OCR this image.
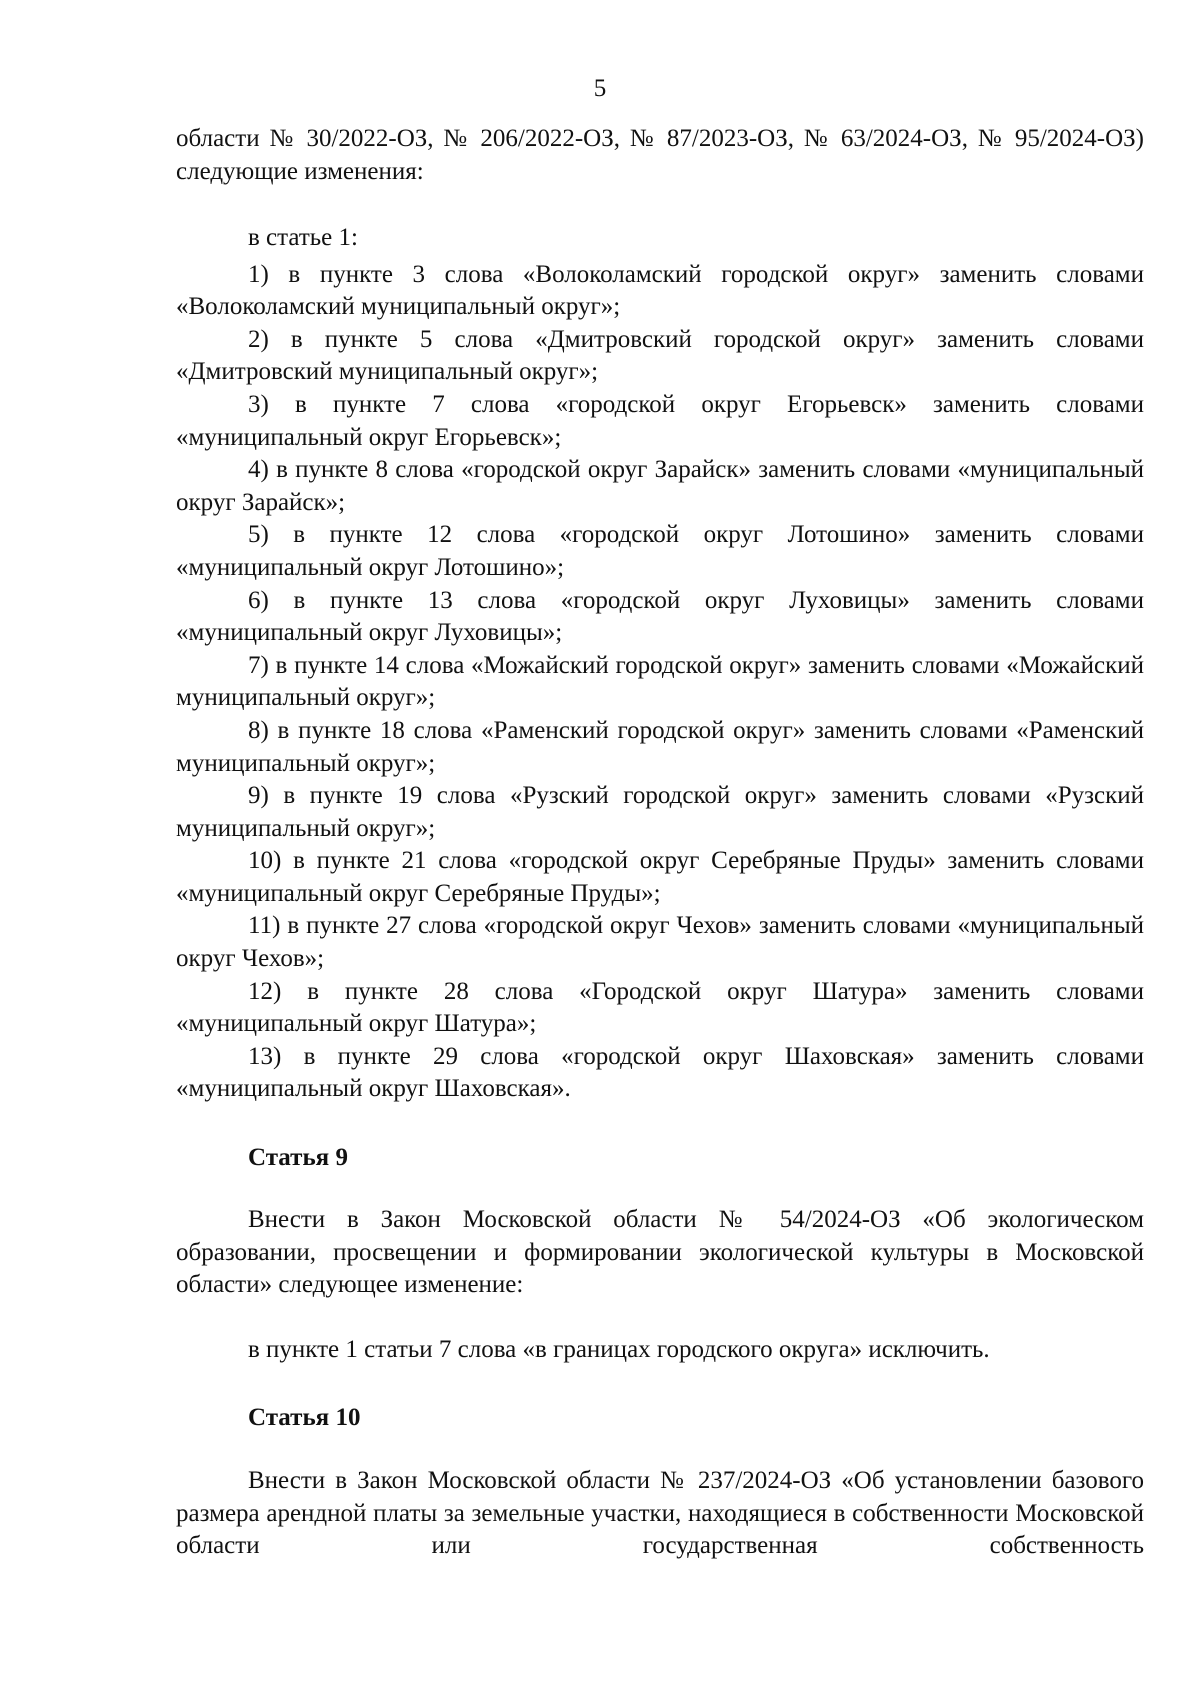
5

области № 30/2022-ОЗ, № 206/2022-ОЗ, № 87/2023-ОЗ, № 63/2024-ОЗ, № 95/2024-ОЗ) следующие изменения:

в статье 1:

1) в пункте 3 слова «Волоколамский городской округ» заменить словами «Волоколамский муниципальный округ»;

2) в пункте 5 слова «Дмитровский городской округ» заменить словами «Дмитровский муниципальный округ»;

3) в пункте 7 слова «городской округ Егорьевск» заменить словами «муниципальный округ Егорьевск»;

4) в пункте 8 слова «городской округ Зарайск» заменить словами «муниципальный округ Зарайск»;

5) в пункте 12 слова «городской округ Лотошино» заменить словами «муниципальный округ Лотошино»;

6) в пункте 13 слова «городской округ Луховицы» заменить словами «муниципальный округ Луховицы»;

7) в пункте 14 слова «Можайский городской округ» заменить словами «Можайский муниципальный округ»;

8) в пункте 18 слова «Раменский городской округ» заменить словами «Раменский муниципальный округ»;

9) в пункте 19 слова «Рузский городской округ» заменить словами «Рузский муниципальный округ»;

10) в пункте 21 слова «городской округ Серебряные Пруды» заменить словами «муниципальный округ Серебряные Пруды»;

11) в пункте 27 слова «городской округ Чехов» заменить словами «муниципальный округ Чехов»;

12) в пункте 28 слова «Городской округ Шатура» заменить словами «муниципальный округ Шатура»;

13) в пункте 29 слова «городской округ Шаховская» заменить словами «муниципальный округ Шаховская».

Статья 9

Внести в Закон Московской области № 54/2024-ОЗ «Об экологическом образовании, просвещении и формировании экологической культуры в Московской области» следующее изменение:

в пункте 1 статьи 7 слова «в границах городского округа» исключить.

Статья 10

Внести в Закон Московской области № 237/2024-ОЗ «Об установлении базового размера арендной платы за земельные участки, находящиеся в собственности Московской области или государственная собственность
